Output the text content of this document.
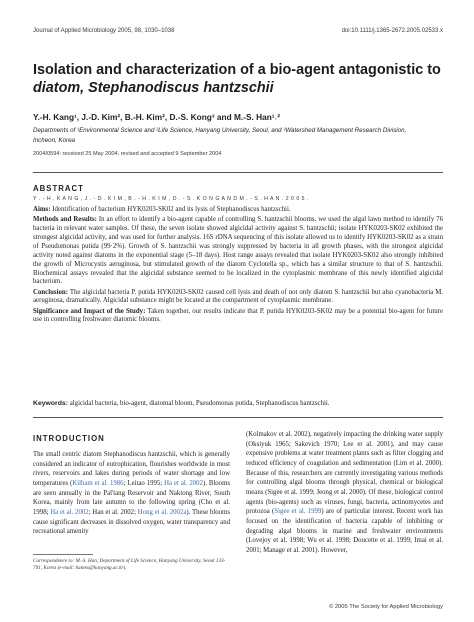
Journal of Applied Microbiology 2005, 98, 1030–1038	doi:10.1111/j.1365-2672.2005.02533.x
Isolation and characterization of a bio-agent antagonistic to
diatom, Stephanodiscus hantzschii
Y.-H. Kang¹, J.-D. Kim², B.-H. Kim², D.-S. Kong³ and M.-S. Han¹˒²
Departments of ¹Environmental Science and ²Life Science, Hanyang University, Seoul, and ³Watershed Management Research Division, Incheon, Korea
2004/0594: received 25 May 2004, revised and accepted 9 September 2004
ABSTRACT
Y . - H . K A N G , J . - D . K I M , B . - H . K I M , D . - S . K O N G A N D M . - S . H A N . 2 0 0 5 .

Aims: Identification of bacterium HYK0203-SK02 and its lysis of Stephanodiscus hantzschii.

Methods and Results: In an effort to identify a bio-agent capable of controlling S. hantzschii blooms, we used the algal lawn method to identify 76 bacteria in relevant water samples. Of these, the seven isolate showed algicidal activity against S. hantzschii; isolate HYK0203-SK02 exhibited the strongest algicidal activity, and was used for further analysis. 16S rDNA sequencing of this isolate allowed us to identify HYK0203-SK02 as a strain of Pseudomonas putida (99·2%). Growth of S. hantzschii was strongly suppressed by bacteria in all growth phases, with the strongest algicidal activity noted against diatoms in the exponential stage (5–18 days). Host range assays revealed that isolate HYK0203-SK02 also strongly inhibited the growth of Microcystis aeruginosa, but stimulated growth of the diatom Cyclotella sp., which has a similar structure to that of S. hantzschii. Biochemical assays revealed that the algicidal substance seemed to be localized in the cytoplasmic membrane of this newly identified algicidal bacterium.

Conclusion: The algicidal bacteria P. putida HYK0203-SK02 caused cell lysis and death of not only diatom S. hantzschii but also cyanobacteria M. aeruginosa, dramatically. Algicidal substance might be located at the compartment of cytoplasmic membrane.

Significance and Impact of the Study: Taken together, our results indicate that P. putida HYK0203-SK02 may be a potential bio-agent for future use in controlling freshwater diatomic blooms.

Keywords: algicidal bacteria, bio-agent, diatomal bloom, Pseudomonas putida, Stephanodiscus hantzschii.
INTRODUCTION

The small centric diatom Stephanodiscus hantzschii, which is generally considered an indicator of eutrophication, flourishes worldwide in most rivers, reservoirs and lakes during periods of water shortage and low temperatures (Kilham et al. 1986; Leitao 1995; Ha et al. 2002). Blooms are seen annually in the Pal'tang Reservoir and Naktong River, South Korea, mainly from late autumn to the following spring (Cho et al. 1998; Ha et al. 2002; Han et al. 2002; Hong et al. 2002a). These blooms cause significant decreases in dissolved oxygen, water transparency and recreational amenity

(Kolmakov et al. 2002), negatively impacting the drinking water supply (Oksiyuk 1965; Sakevich 1970; Lee et al. 2001), and may cause expensive problems at water treatment plants such as filter clogging and reduced efficiency of coagulation and sedimentation (Lim et al. 2000). Because of this, researchers are currently investigating various methods for controlling algal blooms through physical, chemical or biological means (Sigee et al. 1999; Jeong et al. 2000). Of these, biological control agents (bio-agents) such as viruses, fungi, bacteria, actinomycetes and protozoa (Sigee et al. 1999) are of particular interest. Recent work has focused on the identification of bacteria capable of inhibiting or degrading algal blooms in marine and freshwater environments (Lovejoy et al. 1998; Wu et al. 1998; Doucette et al. 1999; Imai et al. 2001; Manage et al. 2001). However,

Correspondence to: M.-S. Han, Department of Life Science, Hanyang University, Seoul 133-791, Korea (e-mail: hanms@hanyang.ac.kr).
© 2005 The Society for Applied Microbiology
